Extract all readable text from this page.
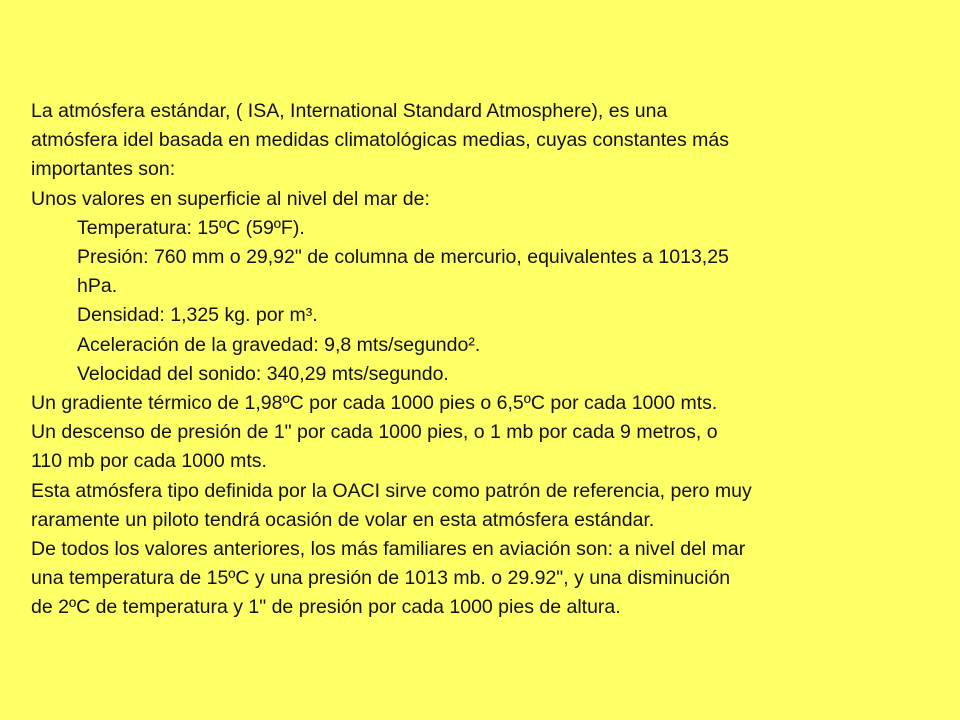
La atmósfera estándar, ( ISA, International Standard Atmosphere), es una

atmósfera idel basada en medidas climatológicas medias, cuyas constantes más

importantes son:

Unos valores en superficie al nivel del mar de:

Temperatura: 15ºC (59ºF).

Presión: 760 mm o 29,92" de columna de mercurio, equivalentes a 1013,25

hPa.

Densidad: 1,325 kg. por m³.

Aceleración de la gravedad: 9,8 mts/segundo².

Velocidad del sonido: 340,29 mts/segundo.

Un gradiente térmico de 1,98ºC por cada 1000 pies o 6,5ºC por cada 1000 mts.

Un descenso de presión de 1" por cada 1000 pies, o 1 mb por cada 9 metros, o

110 mb por cada 1000 mts.

Esta atmósfera tipo definida por la OACI sirve como patrón de referencia, pero muy

raramente un piloto tendrá ocasión de volar en esta atmósfera estándar.

De todos los valores anteriores, los más familiares en aviación son: a nivel del mar

una temperatura de 15ºC y una presión de 1013 mb. o 29.92", y una disminución

de 2ºC de temperatura y 1" de presión por cada 1000 pies de altura.
